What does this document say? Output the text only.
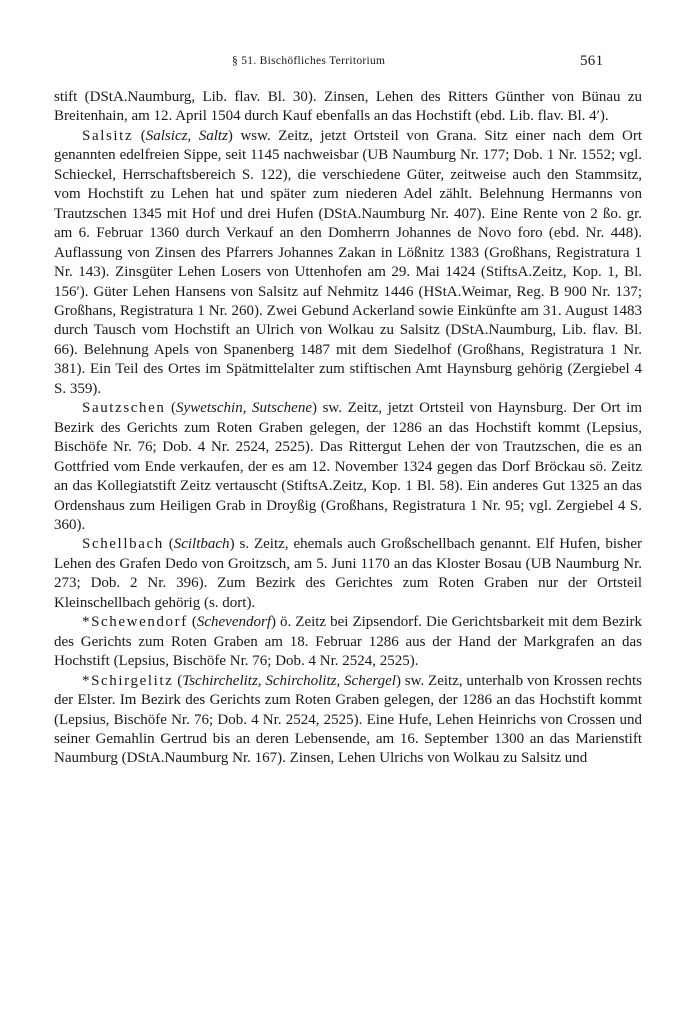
§ 51. Bischöfliches Territorium	561

stift (DStA.Naumburg, Lib. flav. Bl. 30). Zinsen, Lehen des Ritters Günther von Bünau zu Breitenhain, am 12. April 1504 durch Kauf ebenfalls an das Hochstift (ebd. Lib. flav. Bl. 4′).

Salsitz (Salsicz, Saltz) wsw. Zeitz, jetzt Ortsteil von Grana. Sitz einer nach dem Ort genannten edelfreien Sippe, seit 1145 nachweisbar (UB Naumburg Nr. 177; Dob. 1 Nr. 1552; vgl. Schieckel, Herrschaftsbereich S. 122), die verschiedene Güter, zeitweise auch den Stammsitz, vom Hochstift zu Lehen hat und später zum niederen Adel zählt. Belehnung Hermanns von Trautzschen 1345 mit Hof und drei Hufen (DStA.Naumburg Nr. 407). Eine Rente von 2 ßo. gr. am 6. Februar 1360 durch Verkauf an den Domherrn Johannes de Novo foro (ebd. Nr. 448). Auflassung von Zinsen des Pfarrers Johannes Zakan in Lößnitz 1383 (Großhans, Registratura 1 Nr. 143). Zinsgüter Lehen Losers von Uttenhofen am 29. Mai 1424 (StiftsA.Zeitz, Kop. 1, Bl. 156′). Güter Lehen Hansens von Salsitz auf Nehmitz 1446 (HStA.Weimar, Reg. B 900 Nr. 137; Großhans, Registratura 1 Nr. 260). Zwei Gebund Ackerland sowie Einkünfte am 31. August 1483 durch Tausch vom Hochstift an Ulrich von Wolkau zu Salsitz (DStA.Naumburg, Lib. flav. Bl. 66). Belehnung Apels von Spanenberg 1487 mit dem Siedelhof (Großhans, Registratura 1 Nr. 381). Ein Teil des Ortes im Spätmittelalter zum stiftischen Amt Haynsburg gehörig (Zergiebel 4 S. 359).

Sautzschen (Sywetschin, Sutschene) sw. Zeitz, jetzt Ortsteil von Haynsburg. Der Ort im Bezirk des Gerichts zum Roten Graben gelegen, der 1286 an das Hochstift kommt (Lepsius, Bischöfe Nr. 76; Dob. 4 Nr. 2524, 2525). Das Rittergut Lehen der von Trautzschen, die es an Gottfried vom Ende verkaufen, der es am 12. November 1324 gegen das Dorf Bröckau sö. Zeitz an das Kollegiatstift Zeitz vertauscht (StiftsA.Zeitz, Kop. 1 Bl. 58). Ein anderes Gut 1325 an das Ordenshaus zum Heiligen Grab in Droyßig (Großhans, Registratura 1 Nr. 95; vgl. Zergiebel 4 S. 360).

Schellbach (Sciltbach) s. Zeitz, ehemals auch Großschellbach genannt. Elf Hufen, bisher Lehen des Grafen Dedo von Groitzsch, am 5. Juni 1170 an das Kloster Bosau (UB Naumburg Nr. 273; Dob. 2 Nr. 396). Zum Bezirk des Gerichtes zum Roten Graben nur der Ortsteil Kleinschellbach gehörig (s. dort).

*Schewendorf (Schevendorf) ö. Zeitz bei Zipsendorf. Die Gerichtsbarkeit mit dem Bezirk des Gerichts zum Roten Graben am 18. Februar 1286 aus der Hand der Markgrafen an das Hochstift (Lepsius, Bischöfe Nr. 76; Dob. 4 Nr. 2524, 2525).

*Schirgelitz (Tschirchelitz, Schircholitz, Schergel) sw. Zeitz, unterhalb von Krossen rechts der Elster. Im Bezirk des Gerichts zum Roten Graben gelegen, der 1286 an das Hochstift kommt (Lepsius, Bischöfe Nr. 76; Dob. 4 Nr. 2524, 2525). Eine Hufe, Lehen Heinrichs von Crossen und seiner Gemahlin Gertrud bis an deren Lebensende, am 16. September 1300 an das Marienstift Naumburg (DStA.Naumburg Nr. 167). Zinsen, Lehen Ulrichs von Wolkau zu Salsitz und
